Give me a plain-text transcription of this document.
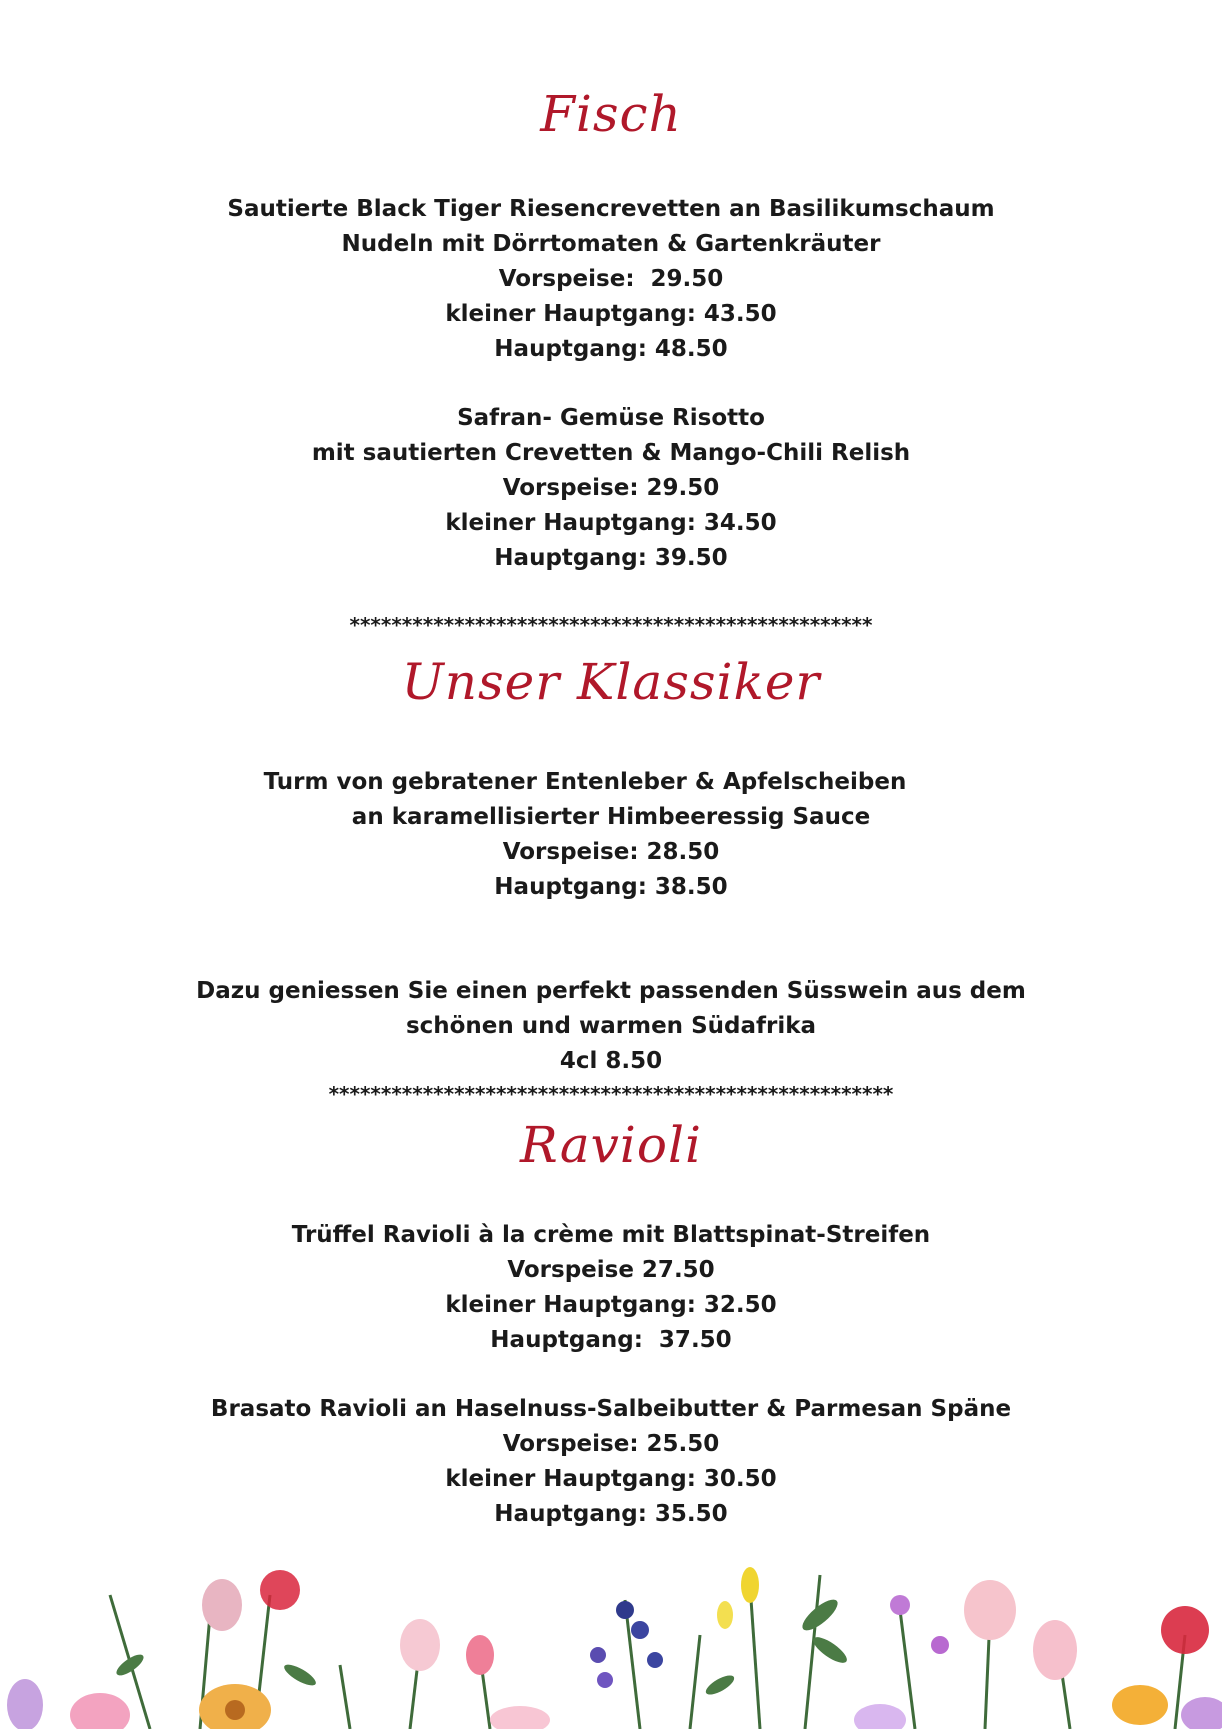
Fisch

Sautierte Black Tiger Riesencrevetten an Basilikumschaum

Nudeln mit Dörrtomaten & Gartenkräuter

Vorspeise:  29.50

kleiner Hauptgang: 43.50

Hauptgang: 48.50

Safran- Gemüse Risotto

mit sautierten Crevetten & Mango-Chili Relish

Vorspeise: 29.50

kleiner Hauptgang: 34.50

Hauptgang: 39.50

**************************************************
Unser Klassiker

Turm von gebratener Entenleber & Apfelscheiben

an karamellisierter Himbeeressig Sauce

Vorspeise: 28.50

Hauptgang: 38.50

Dazu geniessen Sie einen perfekt passenden Süsswein aus dem

schönen und warmen Südafrika

4cl 8.50

******************************************************
Ravioli

Trüffel Ravioli à la crème mit Blattspinat-Streifen

Vorspeise 27.50

kleiner Hauptgang: 32.50

Hauptgang:  37.50

Brasato Ravioli an Haselnuss-Salbeibutter & Parmesan Späne

Vorspeise: 25.50

kleiner Hauptgang: 30.50

Hauptgang: 35.50
